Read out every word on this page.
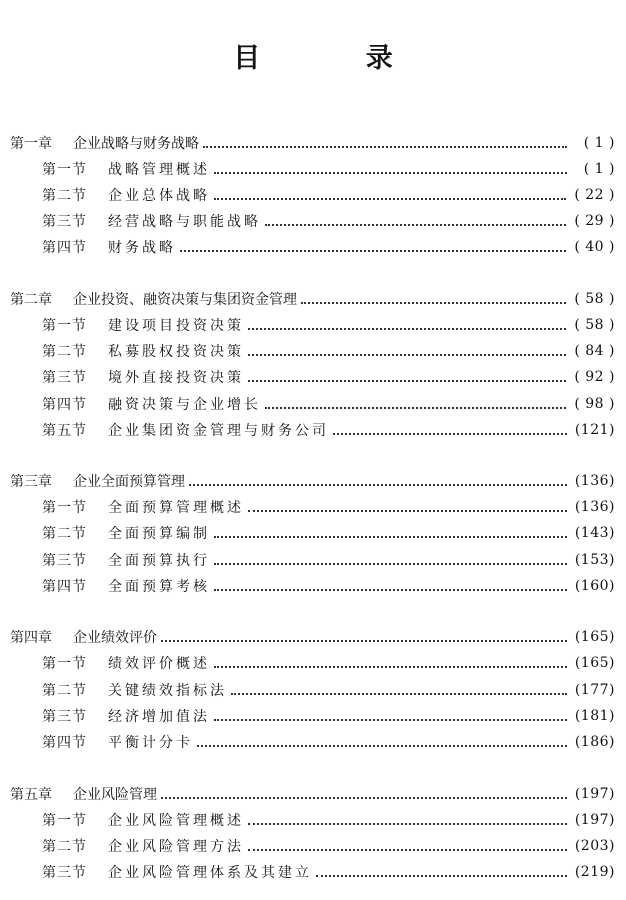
目 录
第一章	企业战略与财务战略	( 1 )
第一节	战略管理概述	( 1 )
第二节	企业总体战略	( 22 )
第三节	经营战略与职能战略	( 29 )
第四节	财务战略	( 40 )
第二章	企业投资、融资决策与集团资金管理	( 58 )
第一节	建设项目投资决策	( 58 )
第二节	私募股权投资决策	( 84 )
第三节	境外直接投资决策	( 92 )
第四节	融资决策与企业增长	( 98 )
第五节	企业集团资金管理与财务公司	(121)
第三章	企业全面预算管理	(136)
第一节	全面预算管理概述	(136)
第二节	全面预算编制	(143)
第三节	全面预算执行	(153)
第四节	全面预算考核	(160)
第四章	企业绩效评价	(165)
第一节	绩效评价概述	(165)
第二节	关键绩效指标法	(177)
第三节	经济增加值法	(181)
第四节	平衡计分卡	(186)
第五章	企业风险管理	(197)
第一节	企业风险管理概述	(197)
第二节	企业风险管理方法	(203)
第三节	企业风险管理体系及其建立	(219)
